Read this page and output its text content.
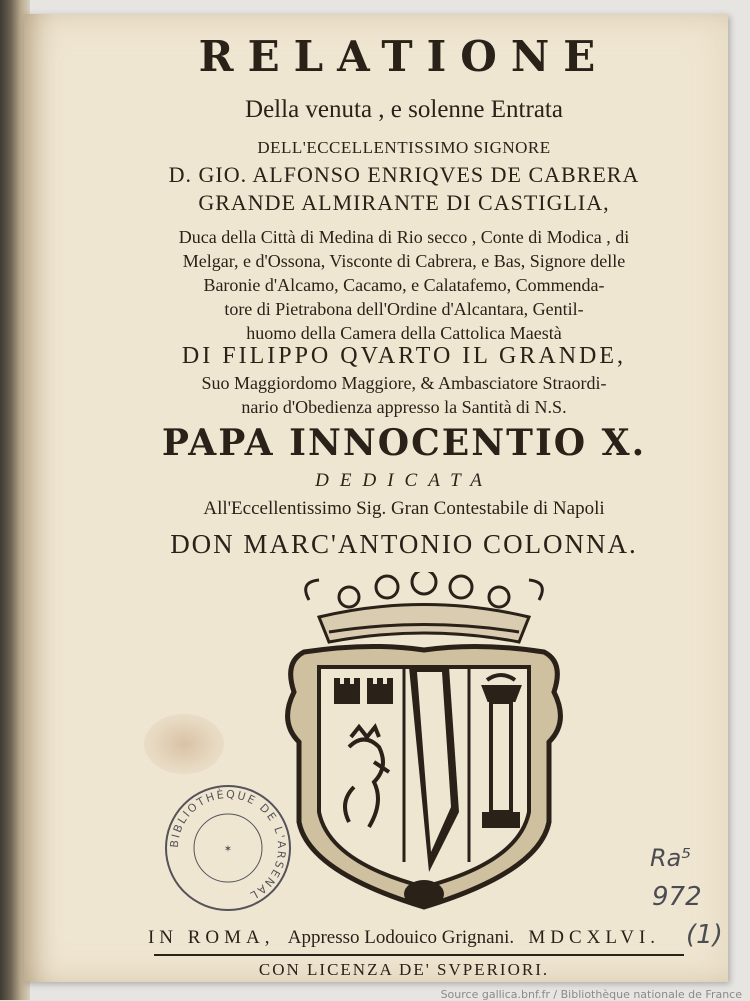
RELATIONE
Della venuta , e solenne Entrata
DELL'ECCELLENTISSIMO SIGNORE
D. GIO. ALFONSO ENRIQVES DE CABRERA
GRANDE ALMIRANTE DI CASTIGLIA,
Duca della Città di Medina di Rio secco , Conte di Modica , di
Melgar, e d'Ossona, Visconte di Cabrera, e Bas, Signore delle
Baronie d'Alcamo, Cacamo, e Calatafemo, Commenda-
tore di Pietrabona dell'Ordine d'Alcantara, Gentil-
huomo della Camera della Cattolica Maestà
DI FILIPPO QVARTO IL GRANDE,
Suo Maggiordomo Maggiore, & Ambasciatore Straordi-
nario d'Obedienza appresso la Santità di N.S.
PAPA INNOCENTIO X.
DEDICATA
All'Eccellentissimo Sig. Gran Contestabile di Napoli
DON MARC'ANTONIO COLONNA.
BIBLIOTHÈQUE DE L'ARSENAL
✶	Ra⁵
972
(1)
IN ROMA, Appresso Lodouico Grignani. MDCXLVI.
CON LICENZA DE' SVPERIORI.
Source gallica.bnf.fr / Bibliothèque nationale de France
